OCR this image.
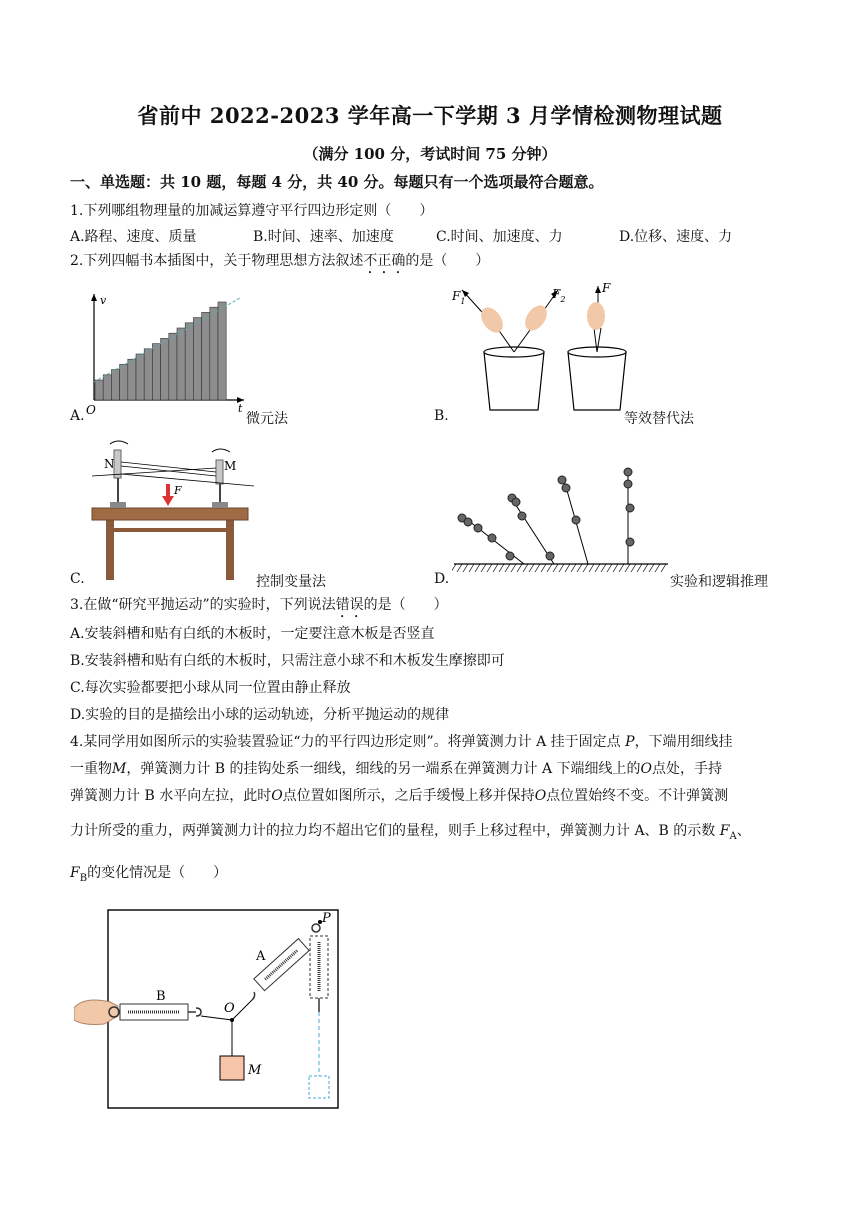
省前中 2022-2023 学年高一下学期 3 月学情检测物理试题
（满分 100 分，考试时间 75 分钟）
一、单选题：共 10 题，每题 4 分，共 40 分。每题只有一个选项最符合题意。
1.下列哪组物理量的加减运算遵守平行四边形定则（　　）
A.路程、速度、质量	B.时间、速率、加速度	C.时间、加速度、力	D.位移、速度、力
2.下列四幅书本插图中，关于物理思想方法叙述不正确的是（　　）
v
t
O
A.	微元法
$F_1$
$F_2$
F
B.	等效替代法
N	M
F
C.	控制变量法	D.	实验和逻辑推理
3.在做“研究平抛运动”的实验时，下列说法错误的是（　　）
A.安装斜槽和贴有白纸的木板时，一定要注意木板是否竖直
B.安装斜槽和贴有白纸的木板时，只需注意小球不和木板发生摩擦即可
C.每次实验都要把小球从同一位置由静止释放
D.实验的目的是描绘出小球的运动轨迹，分析平抛运动的规律
4.某同学用如图所示的实验装置验证“力的平行四边形定则”。将弹簧测力计 A 挂于固定点 P，下端用细线挂
一重物M，弹簧测力计 B 的挂钩处系一细线，细线的另一端系在弹簧测力计 A 下端细线上的O点处，手持
弹簧测力计 B 水平向左拉，此时O点位置如图所示，之后手缓慢上移并保持O点位置始终不变。不计弹簧测
力计所受的重力，两弹簧测力计的拉力均不超出它们的量程，则手上移过程中，弹簧测力计 A、B 的示数 $F_A$、
$F_B$的变化情况是（　　）
B
A
O
M
P
